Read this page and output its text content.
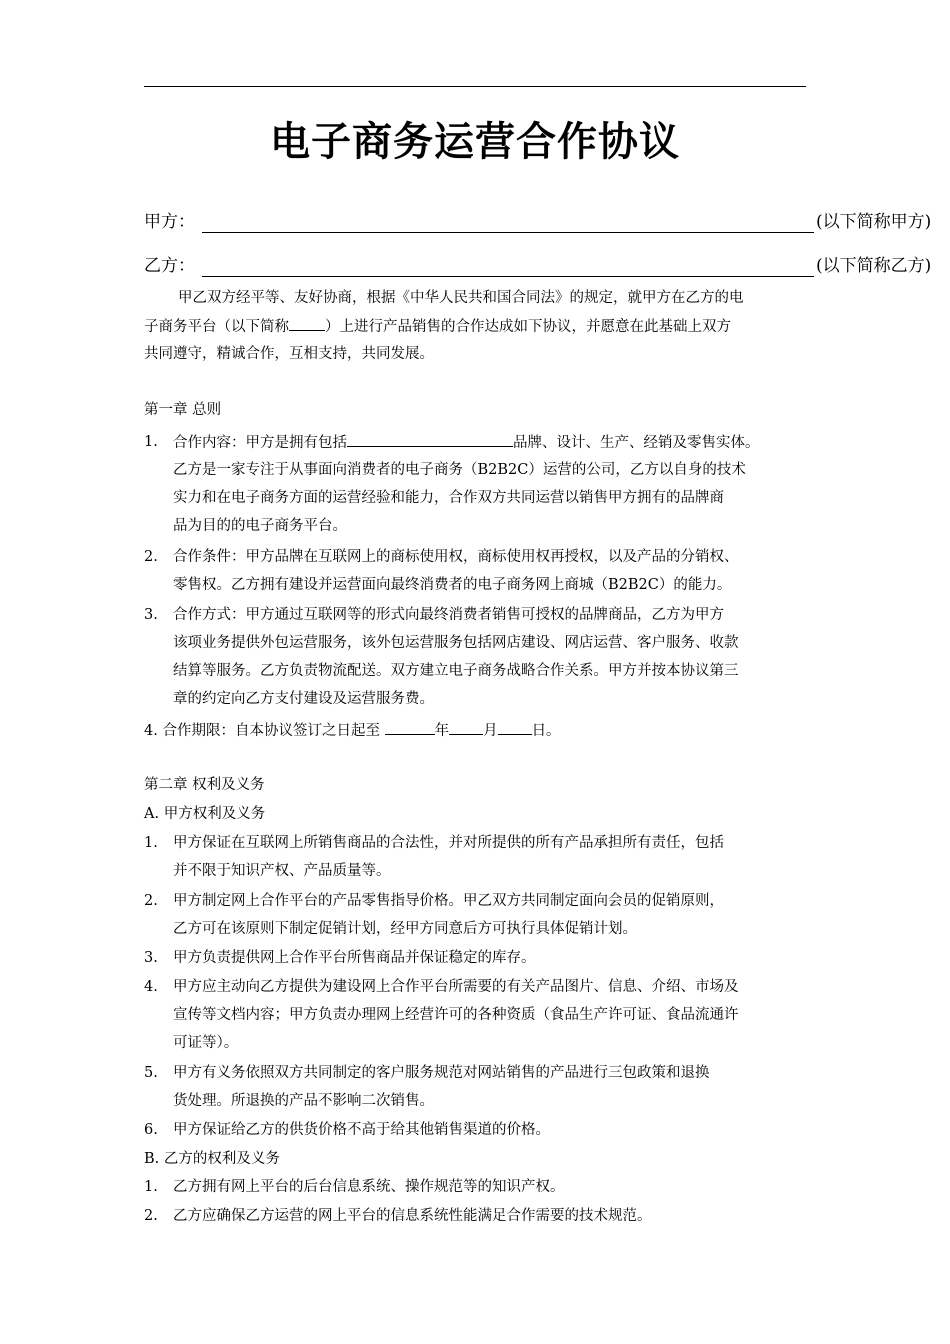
电子商务运营合作协议
甲方：	(以下简称甲方)
乙方：	(以下简称乙方)
甲乙双方经平等、友好协商，根据《中华人民共和国合同法》的规定，就甲方在乙方的电
子商务平台（以下简称 ）上进行产品销售的合作达成如下协议，并愿意在此基础上双方
共同遵守，精诚合作，互相支持，共同发展。
第一章 总则
1. 合作内容：甲方是拥有包括	品牌、设计、生产、经销及零售实体。
乙方是一家专注于从事面向消费者的电子商务（B2B2C）运营的公司，乙方以自身的技术
实力和在电子商务方面的运营经验和能力，合作双方共同运营以销售甲方拥有的品牌商
品为目的的电子商务平台。
2. 合作条件：甲方品牌在互联网上的商标使用权，商标使用权再授权，以及产品的分销权、
零售权。乙方拥有建设并运营面向最终消费者的电子商务网上商城（B2B2C）的能力。
3. 合作方式：甲方通过互联网等的形式向最终消费者销售可授权的品牌商品，乙方为甲方
该项业务提供外包运营服务，该外包运营服务包括网店建设、网店运营、客户服务、收款
结算等服务。乙方负责物流配送。双方建立电子商务战略合作关系。甲方并按本协议第三
章的约定向乙方支付建设及运营服务费。
4. 合作期限：自本协议签订之日起至	年 月 日。
第二章 权利及义务
A. 甲方权利及义务
1. 甲方保证在互联网上所销售商品的合法性，并对所提供的所有产品承担所有责任，包括
并不限于知识产权、产品质量等。
2. 甲方制定网上合作平台的产品零售指导价格。甲乙双方共同制定面向会员的促销原则，
乙方可在该原则下制定促销计划，经甲方同意后方可执行具体促销计划。
3. 甲方负责提供网上合作平台所售商品并保证稳定的库存。
4. 甲方应主动向乙方提供为建设网上合作平台所需要的有关产品图片、信息、介绍、市场及
宣传等文档内容；甲方负责办理网上经营许可的各种资质（食品生产许可证、食品流通许
可证等）。
5. 甲方有义务依照双方共同制定的客户服务规范对网站销售的产品进行三包政策和退换
货处理。所退换的产品不影响二次销售。
6. 甲方保证给乙方的供货价格不高于给其他销售渠道的价格。
B. 乙方的权利及义务
1. 乙方拥有网上平台的后台信息系统、操作规范等的知识产权。
2. 乙方应确保乙方运营的网上平台的信息系统性能满足合作需要的技术规范。
